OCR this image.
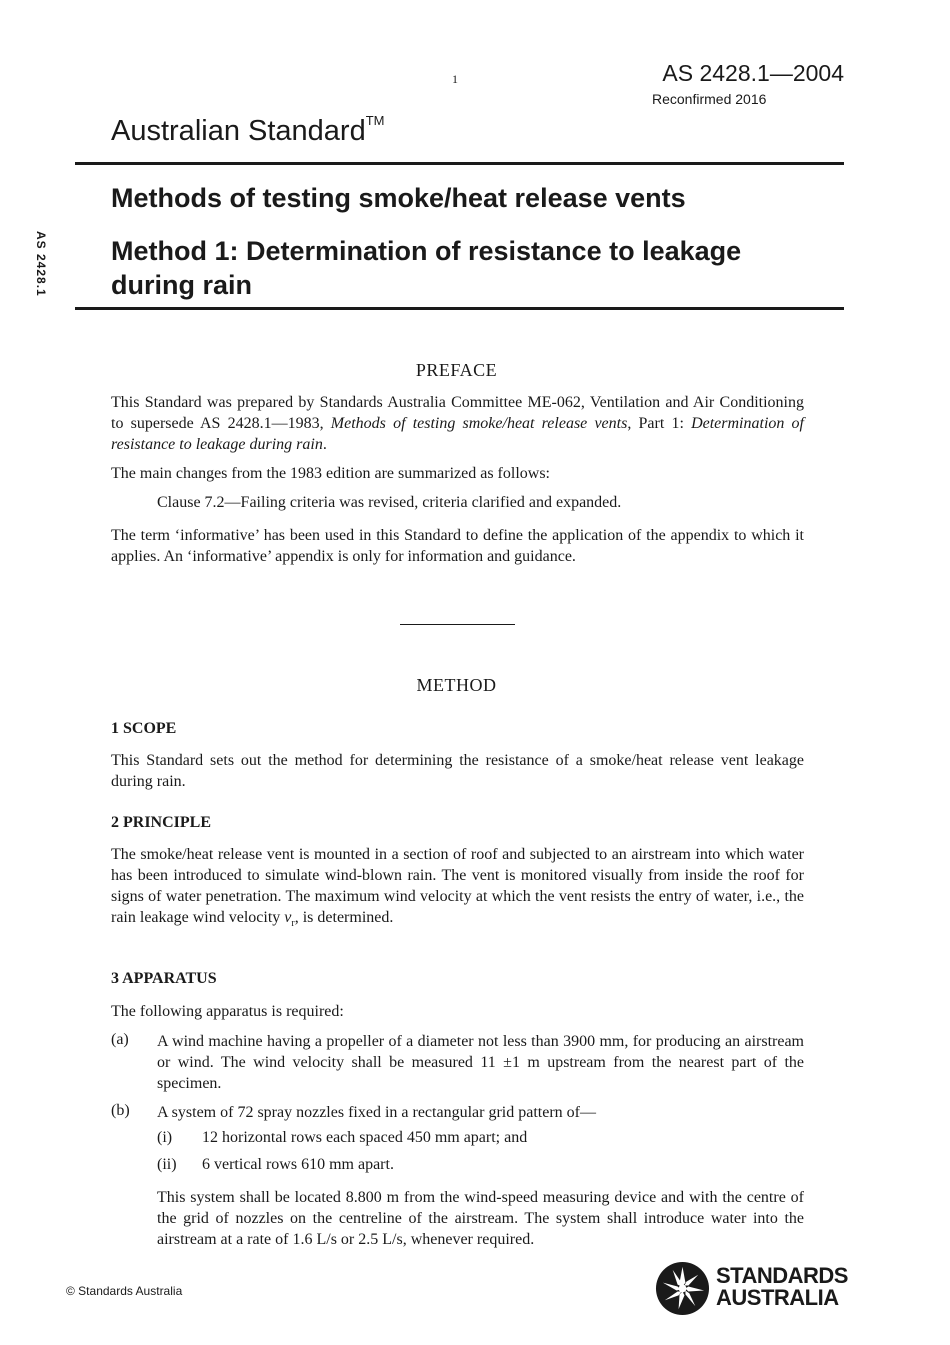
1	AS 2428.1—2004
Reconfirmed 2016
Australian Standard™
AS 2428.1
Methods of testing smoke/heat release vents
Method 1: Determination of resistance to leakage during rain
PREFACE
This Standard was prepared by Standards Australia Committee ME-062, Ventilation and Air Conditioning to supersede AS 2428.1—1983, Methods of testing smoke/heat release vents, Part 1: Determination of resistance to leakage during rain.
The main changes from the 1983 edition are summarized as follows:
Clause 7.2—Failing criteria was revised, criteria clarified and expanded.
The term ‘informative’ has been used in this Standard to define the application of the appendix to which it applies. An ‘informative’ appendix is only for information and guidance.
METHOD
1 SCOPE
This Standard sets out the method for determining the resistance of a smoke/heat release vent leakage during rain.
2 PRINCIPLE
The smoke/heat release vent is mounted in a section of roof and subjected to an airstream into which water has been introduced to simulate wind-blown rain. The vent is monitored visually from inside the roof for signs of water penetration. The maximum wind velocity at which the vent resists the entry of water, i.e., the rain leakage wind velocity $v_r$, is determined.
3 APPARATUS
The following apparatus is required:
(a) A wind machine having a propeller of a diameter not less than 3900 mm, for producing an airstream or wind. The wind velocity shall be measured 11 ±1 m upstream from the nearest part of the specimen.
(b) A system of 72 spray nozzles fixed in a rectangular grid pattern of—
(i) 12 horizontal rows each spaced 450 mm apart; and
(ii) 6 vertical rows 610 mm apart.
This system shall be located 8.800 m from the wind-speed measuring device and with the centre of the grid of nozzles on the centreline of the airstream. The system shall introduce water into the airstream at a rate of 1.6 L/s or 2.5 L/s, whenever required.
© Standards Australia
STANDARDS
AUSTRALIA
